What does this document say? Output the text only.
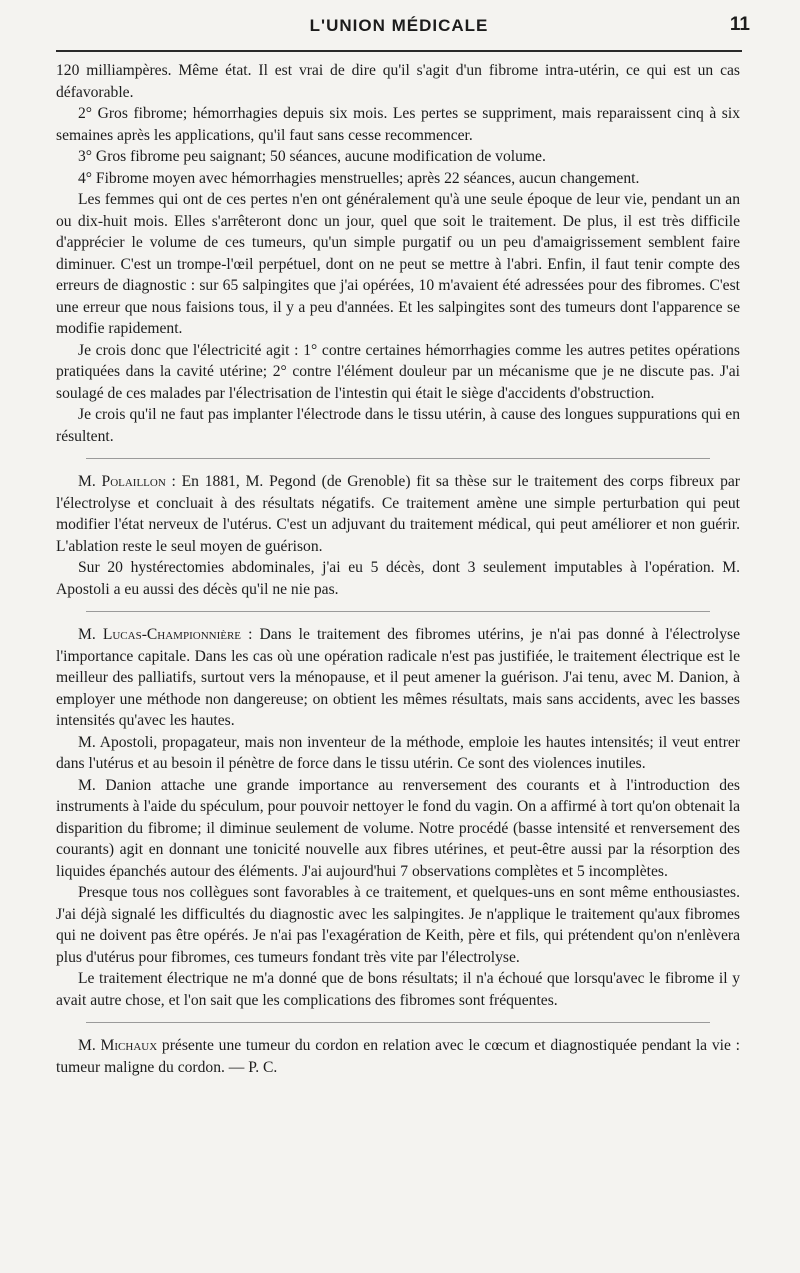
L'UNION MÉDICALE	11

120 milliampères. Même état. Il est vrai de dire qu'il s'agit d'un fibrome intra-utérin, ce qui est un cas défavorable.

2° Gros fibrome; hémorrhagies depuis six mois. Les pertes se suppriment, mais reparaissent cinq à six semaines après les applications, qu'il faut sans cesse recommencer.

3° Gros fibrome peu saignant; 50 séances, aucune modification de volume.

4° Fibrome moyen avec hémorrhagies menstruelles; après 22 séances, aucun changement.

Les femmes qui ont de ces pertes n'en ont généralement qu'à une seule époque de leur vie, pendant un an ou dix-huit mois. Elles s'arrêteront donc un jour, quel que soit le traitement. De plus, il est très difficile d'apprécier le volume de ces tumeurs, qu'un simple purgatif ou un peu d'amaigrissement semblent faire diminuer. C'est un trompe-l'œil perpétuel, dont on ne peut se mettre à l'abri. Enfin, il faut tenir compte des erreurs de diagnostic : sur 65 salpingites que j'ai opérées, 10 m'avaient été adressées pour des fibromes. C'est une erreur que nous faisions tous, il y a peu d'années. Et les salpingites sont des tumeurs dont l'apparence se modifie rapidement.

Je crois donc que l'électricité agit : 1° contre certaines hémorrhagies comme les autres petites opérations pratiquées dans la cavité utérine; 2° contre l'élément douleur par un mécanisme que je ne discute pas. J'ai soulagé de ces malades par l'électrisation de l'intestin qui était le siège d'accidents d'obstruction.

Je crois qu'il ne faut pas implanter l'électrode dans le tissu utérin, à cause des longues suppurations qui en résultent.

M. Polaillon : En 1881, M. Pegond (de Grenoble) fit sa thèse sur le traitement des corps fibreux par l'électrolyse et concluait à des résultats négatifs. Ce traitement amène une simple perturbation qui peut modifier l'état nerveux de l'utérus. C'est un adjuvant du traitement médical, qui peut améliorer et non guérir. L'ablation reste le seul moyen de guérison.

Sur 20 hystérectomies abdominales, j'ai eu 5 décès, dont 3 seulement imputables à l'opération. M. Apostoli a eu aussi des décès qu'il ne nie pas.

M. Lucas-Championnière : Dans le traitement des fibromes utérins, je n'ai pas donné à l'électrolyse l'importance capitale. Dans les cas où une opération radicale n'est pas justifiée, le traitement électrique est le meilleur des palliatifs, surtout vers la ménopause, et il peut amener la guérison. J'ai tenu, avec M. Danion, à employer une méthode non dangereuse; on obtient les mêmes résultats, mais sans accidents, avec les basses intensités qu'avec les hautes.

M. Apostoli, propagateur, mais non inventeur de la méthode, emploie les hautes intensités; il veut entrer dans l'utérus et au besoin il pénètre de force dans le tissu utérin. Ce sont des violences inutiles.

M. Danion attache une grande importance au renversement des courants et à l'introduction des instruments à l'aide du spéculum, pour pouvoir nettoyer le fond du vagin. On a affirmé à tort qu'on obtenait la disparition du fibrome; il diminue seulement de volume. Notre procédé (basse intensité et renversement des courants) agit en donnant une tonicité nouvelle aux fibres utérines, et peut-être aussi par la résorption des liquides épanchés autour des éléments. J'ai aujourd'hui 7 observations complètes et 5 incomplètes.

Presque tous nos collègues sont favorables à ce traitement, et quelques-uns en sont même enthousiastes. J'ai déjà signalé les difficultés du diagnostic avec les salpingites. Je n'applique le traitement qu'aux fibromes qui ne doivent pas être opérés. Je n'ai pas l'exagération de Keith, père et fils, qui prétendent qu'on n'enlèvera plus d'utérus pour fibromes, ces tumeurs fondant très vite par l'électrolyse.

Le traitement électrique ne m'a donné que de bons résultats; il n'a échoué que lorsqu'avec le fibrome il y avait autre chose, et l'on sait que les complications des fibromes sont fréquentes.

M. Michaux présente une tumeur du cordon en relation avec le cœcum et diagnostiquée pendant la vie : tumeur maligne du cordon. — P. C.
